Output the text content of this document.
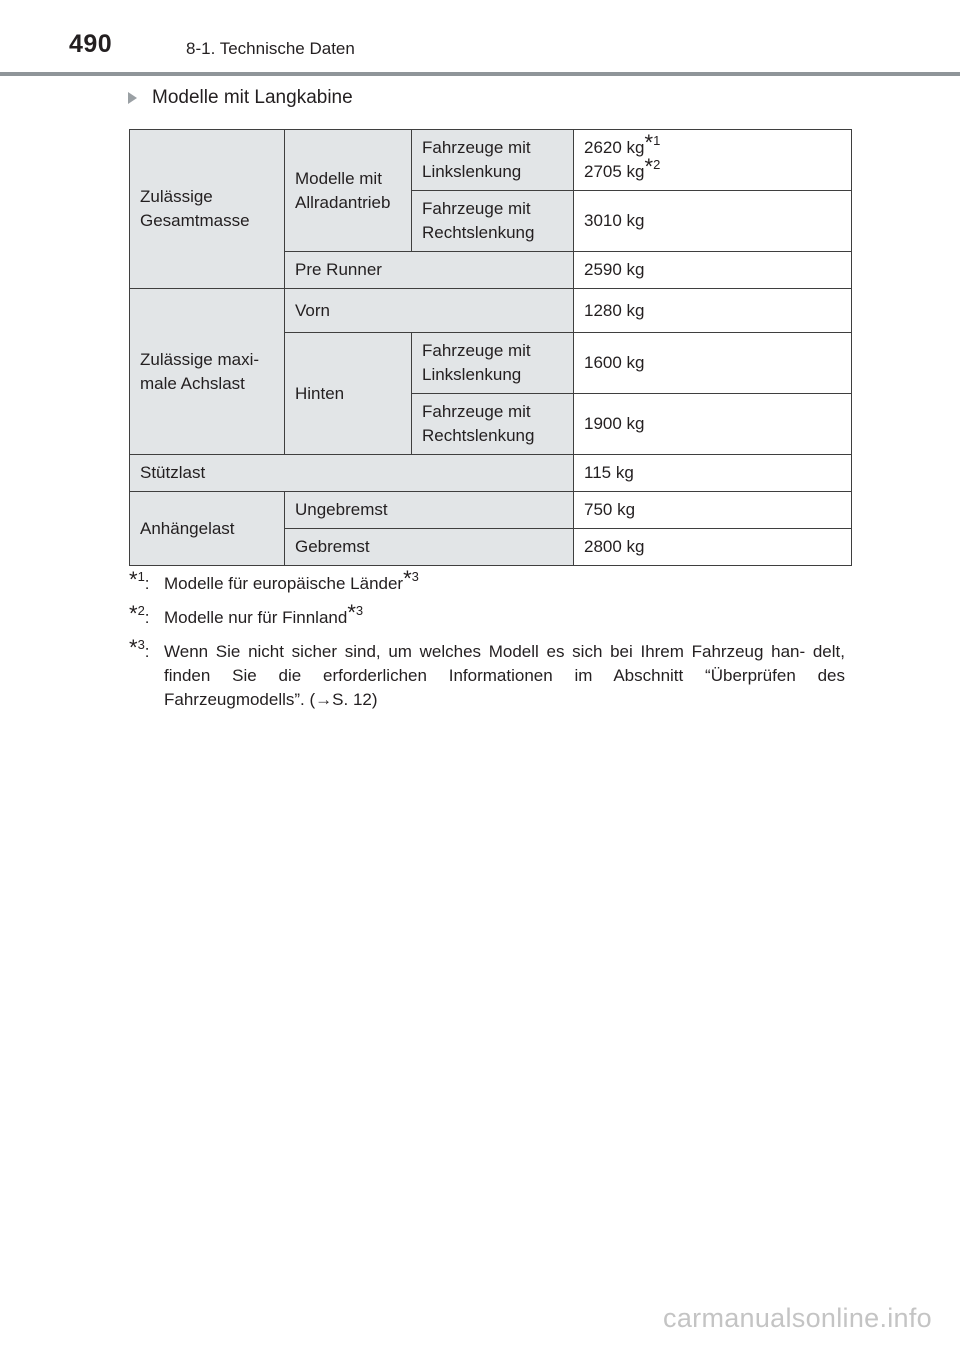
490	8-1. Technische Daten
Modelle mit Langkabine
Zulässige Gesamtmasse	Modelle mit Allradantrieb	Fahrzeuge mit Linkslenkung	2620 $kg^{*1}$
2705 $kg^{*2}$
		Fahrzeuge mit Rechtslenkung	3010 kg
	Pre Runner		2590 kg
Zulässige maxi- male Achslast	Vorn		1280 kg
	Hinten	Fahrzeuge mit Linkslenkung	1600 kg
		Fahrzeuge mit Rechtslenkung	1900 kg
Stützlast			115 kg
Anhängelast	Ungebremst		750 kg
	Gebremst		2800 kg
*$^1$: Modelle für europäische Länder*$^3$
*$^2$: Modelle nur für Finnland*$^3$
*$^3$: Wenn Sie nicht sicher sind, um welches Modell es sich bei Ihrem Fahrzeug han- delt, finden Sie die erforderlichen Informationen im Abschnitt “Überprüfen des Fahrzeugmodells”. (→S. 12)
carmanualsonline.info
